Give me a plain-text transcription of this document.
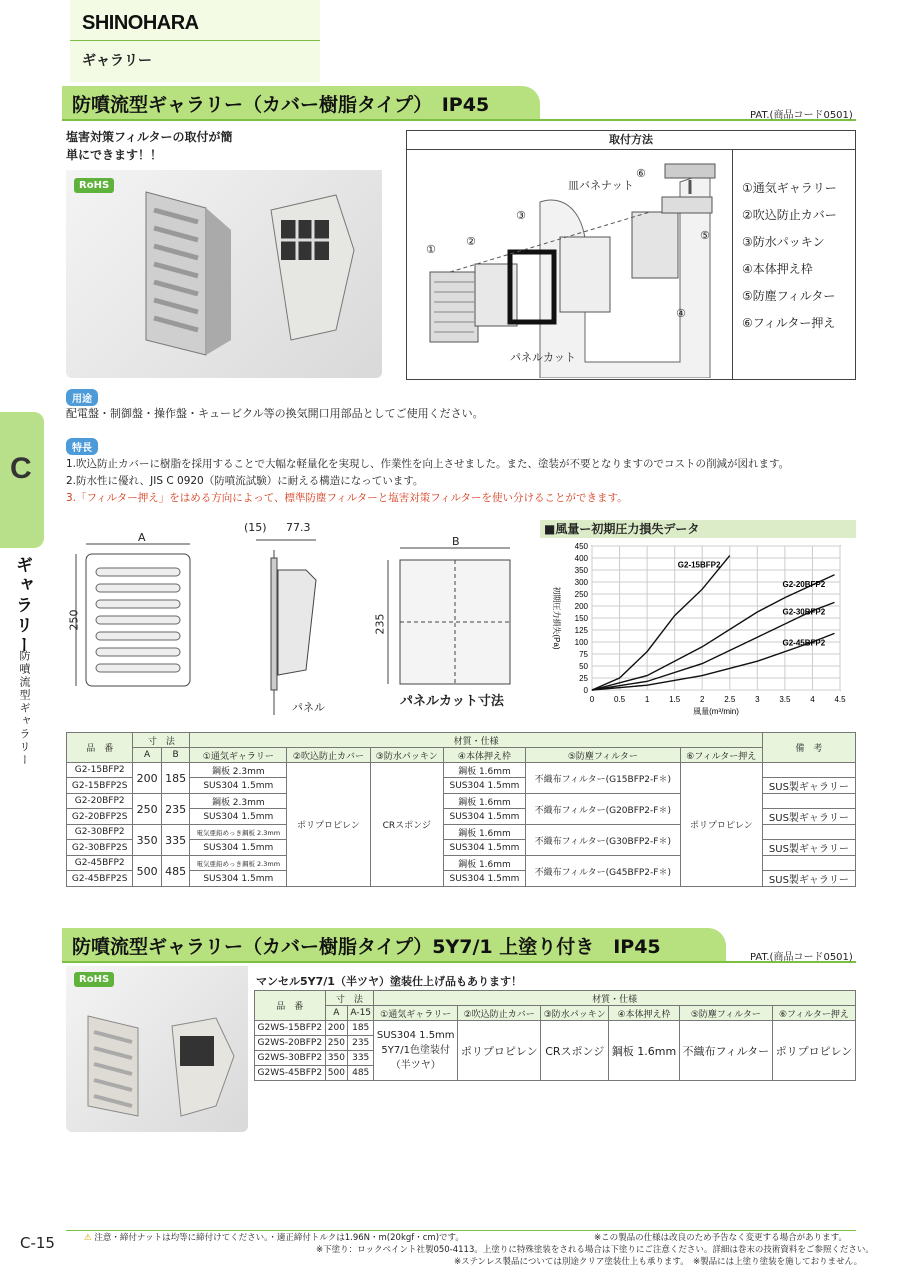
SHINOHARA
ギャラリー
C
ギャラリー
防噴流型ギャラリー
防噴流型ギャラリー（カバー樹脂タイプ）　IP45	PAT.(商品コード0501)
塩害対策フィルターの取付が簡単にできます！！
RoHS
取付方法
①
②
③
④
⑤
⑥
皿バネナット
パネルカット
①通気ギャラリー
②吹込防止カバー
③防水パッキン
④本体押え枠
⑤防塵フィルター
⑥フィルター押え
用途
配電盤・制御盤・操作盤・キュービクル等の換気開口用部品としてご使用ください。
特長
1.吹込防止カバーに樹脂を採用することで大幅な軽量化を実現し、作業性を向上させました。また、塗装が不要となりますのでコストの削減が図れます。
2.防水性に優れ、JIS C 0920（防噴流試験）に耐える構造になっています。
3.「フィルター押え」をはめる方向によって、標準防塵フィルターと塩害対策フィルターを使い分けることができます。
A
250
(15) 77.3
B
235
パネル	パネルカット寸法
■風量ー初期圧力損失データ
0
25
50
75
100
125
150
200
250
300
350
400
450
0 0.5 1 1.5 2 2.5 3 3.5 4 4.5
G2-15BFP2
G2-20BFP2
G2-30BFP2
G2-45BFP2
風量(m³/min)
初期圧力損失(Pa)
品　番	寸　法		材質・仕様						備　考
	A	B	①通気ギャラリー	②吹込防止カバー	③防水パッキン	④本体押え枠	⑤防塵フィルター	⑥フィルター押え	
G2-15BFP2	200	185	鋼板 2.3mm	ポリプロピレン	CRスポンジ	鋼板 1.6mm	不織布フィルター(G15BFP2-F＊)	ポリプロピレン	
G2-15BFP2S			SUS304 1.5mm			SUS304 1.5mm			SUS製ギャラリー
G2-20BFP2	250	235	鋼板 2.3mm			鋼板 1.6mm	不織布フィルター(G20BFP2-F＊)		
G2-20BFP2S			SUS304 1.5mm			SUS304 1.5mm			SUS製ギャラリー
G2-30BFP2	350	335	電気亜鉛めっき鋼板 2.3mm			鋼板 1.6mm	不織布フィルター(G30BFP2-F＊)		
G2-30BFP2S			SUS304 1.5mm			SUS304 1.5mm			SUS製ギャラリー
G2-45BFP2	500	485	電気亜鉛めっき鋼板 2.3mm			鋼板 1.6mm	不織布フィルター(G45BFP2-F＊)		
G2-45BFP2S			SUS304 1.5mm			SUS304 1.5mm			SUS製ギャラリー
防噴流型ギャラリー（カバー樹脂タイプ）5Y7/1 上塗り付き　IP45	PAT.(商品コード0501)
RoHS	マンセル5Y7/1（半ツヤ）塗装仕上げ品もあります！
品　番	寸　法		材質・仕様					
	A	A-15	①通気ギャラリー	②吹込防止カバー	③防水パッキン	④本体押え枠	⑤防塵フィルター	⑥フィルター押え
G2WS-15BFP2	200	185	SUS304 1.5mm
5Y7/1色塗装付
（半ツヤ）	ポリプロピレン	CRスポンジ	鋼板 1.6mm	不織布フィルター	ポリプロピレン
G2WS-20BFP2	250	235						
G2WS-30BFP2	350	335						
G2WS-45BFP2	500	485						
C-15	⚠ 注意・締付ナットは均等に締付けてください。・適正締付トルクは1.96N・m(20kgf・cm)です。	※この製品の仕様は改良のため予告なく変更する場合があります。
※下塗り：ロックペイント社製050-4113。上塗りに特殊塗装をされる場合は下塗りにご注意ください。詳細は巻末の技術資料をご参照ください。
※ステンレス製品については別途クリア塗装仕上も承ります。　※製品には上塗り塗装を施しておりません。
